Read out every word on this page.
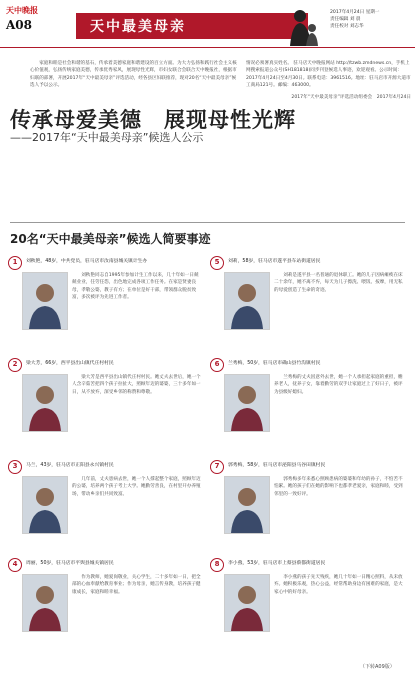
天中晚报
A08	天中最美母亲
2017年4月24日 星期一
责任编辑 刘 晨
责任校对 刘志华
家庭和睦是社会和谐的基石，传承着美德家庭和谐建设的百立方面。为大力弘扬和践行社会主义核心价值观，弘扬传统家庭美德，传承优秀家风，展现母性光辉，市妇女联合会联合天中晚报社，根据市妇联的部署，开展2017年“天中最美母亲”评选活动，经各县区妇联推荐，现对20名“天中最美母亲”候选人予以公示。
情况必须署真实姓名。 驻马店天中晚报网站 http://tzwb.zmdnews.cn，手机上网搜索报道公众号(SH181818)同步刊登候选人事迹，欢迎观看。公示时间：2017年4月24日至4月30日。联系电话：3961516。地址：驻马店市开源大道市工商局121号。邮编：463000。
2017年“天中最美母亲”评选活动组委会　2017年4月24日
传承母爱美德　展现母性光辉
——2017年“天中最美母亲”候选人公示
20名“天中最美母亲”候选人简要事迹
1	刘秋艳，48岁，中共党员，驻马店市汝南县城关镇计生办
刘秋艳同志自1995年参加计生工作以来，几十年如一日兢兢业业，任劳任怨，出色地完成各项工作任务。在家是贤妻良母，孝敬公婆，教子有方；在单位是好干部，带领群众脱贫致富，多次被评为先进工作者。
2	梁大芳，66岁，西平县出山镇代庄村村民
梁大芳是西平县出山镇代庄村村民。她丈夫去世后，她一个人含辛茹苦把四个孩子拉扯大，照顾年迈的婆婆，三十多年如一日，从不放弃，深受乡邻的称赞和尊敬。
3	马兰，43岁，驻马店市正阳县永兴镇村民
几年前，丈夫患病去世，她一个人撑起整个家庭，照顾年迈的公婆，培养两个孩子考上大学。她勤劳善良，在村里开办养殖场，带动乡亲们共同致富。
4	周丽，50岁，驻马店市平舆县城关镇居民
作为教师，她爱岗敬业，关心学生，二十多年如一日，把全部的心血奉献给教育事业；作为母亲，她言传身教，培养孩子健康成长，家庭和睦幸福。
5	刘莉，58岁，驻马店市遂平县车站街道居民
刘莉是遂平县一名普通的退休职工。她的儿子因病瘫痪在床二十余年，她不离不弃，每天为儿子擦洗、喂饭、按摩，用无私的母爱创造了生命的奇迹。
6	兰秀梅，50岁，驻马店市确山县竹沟镇村民
兰秀梅的丈夫因意外去世，她一个人承担起家庭的重担，赡养老人，抚养子女，靠着勤劳的双手让家庭过上了好日子，被评为县级好媳妇。
7	郭秀梅，58岁，驻马店市泌阳县马谷田镇村民
郭秀梅多年来悉心照顾患病的婆婆和年幼的孙子，不怕苦不怕累。她的孩子们在她的影响下也都孝老爱亲，家庭和睦，受到邻里的一致好评。
8	李小燕，53岁，驻马店市上蔡县蔡都街道居民
李小燕的孩子先天残疾，她几十年如一日精心照料，从未放弃。她积极乐观，热心公益，经常帮助身边有困难的家庭，是大家心中的好母亲。
（下转A09版）
